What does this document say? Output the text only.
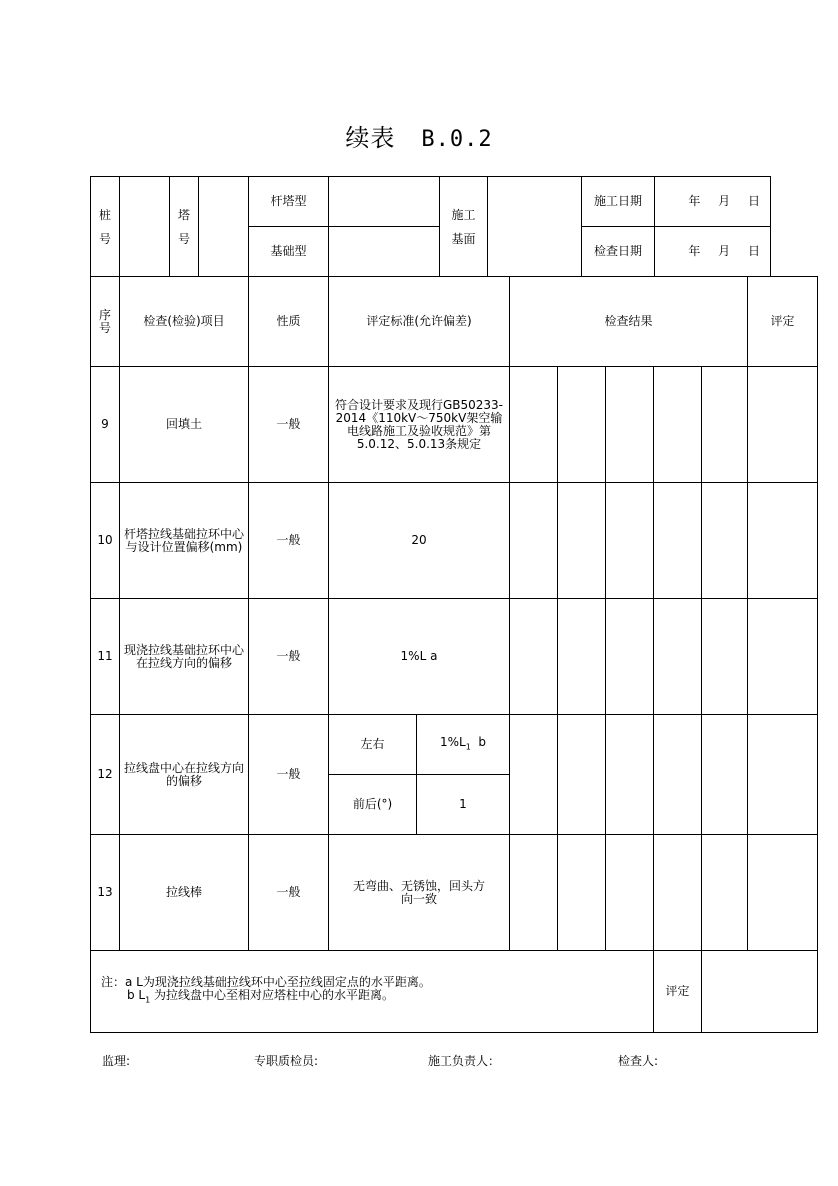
续表 B.0.2
桩号		塔号		杆塔型		施工基面		施工日期	年 月 日
				基础型				检查日期	年 月 日
序号	检查(检验)项目	性质	评定标准(允许偏差)		检查结果					评定
9	回填土	一般	符合设计要求及现行GB50233-2014《110kV～750kV架空输电线路施工及验收规范》第5.0.12、5.0.13条规定							
10	杆塔拉线基础拉环中心与设计位置偏移(mm)	一般	20							
11	现浇拉线基础拉环中心在拉线方向的偏移	一般	1%L a							
12	拉线盘中心在拉线方向的偏移	一般	左右	$1\%L_1$ b						
			前后(°)	1						
13	拉线棒	一般	无弯曲、无锈蚀，回头方向一致							

注：a L为现浇拉线基础拉线环中心至拉线固定点的水平距离。
b $L_1$ 为拉线盘中心至相对应塔柱中心的水平距离。								评定		
监理:	专职质检员:	施工负责人：	检查人:
